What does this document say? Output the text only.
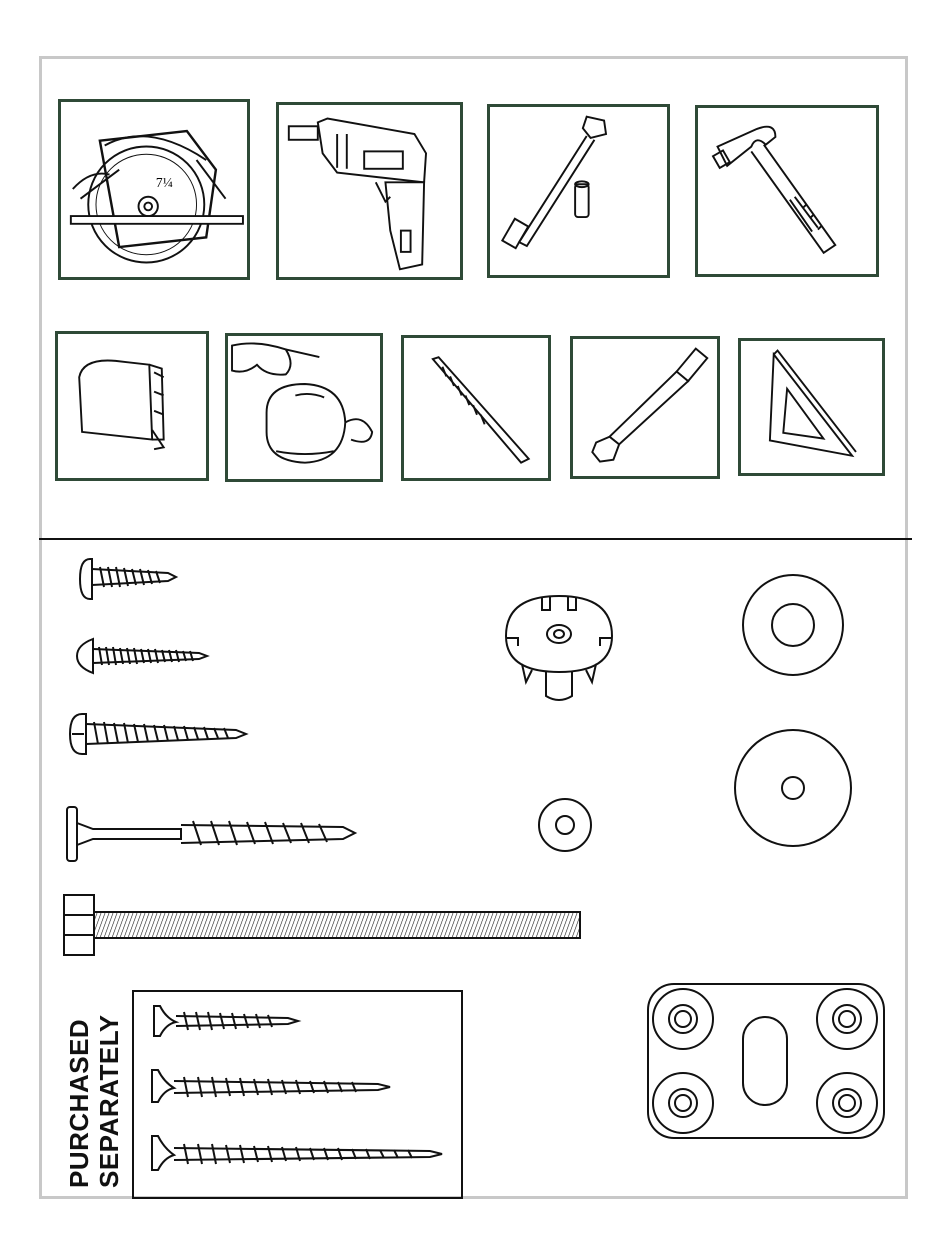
7¼
PURCHASED SEPARATELY
